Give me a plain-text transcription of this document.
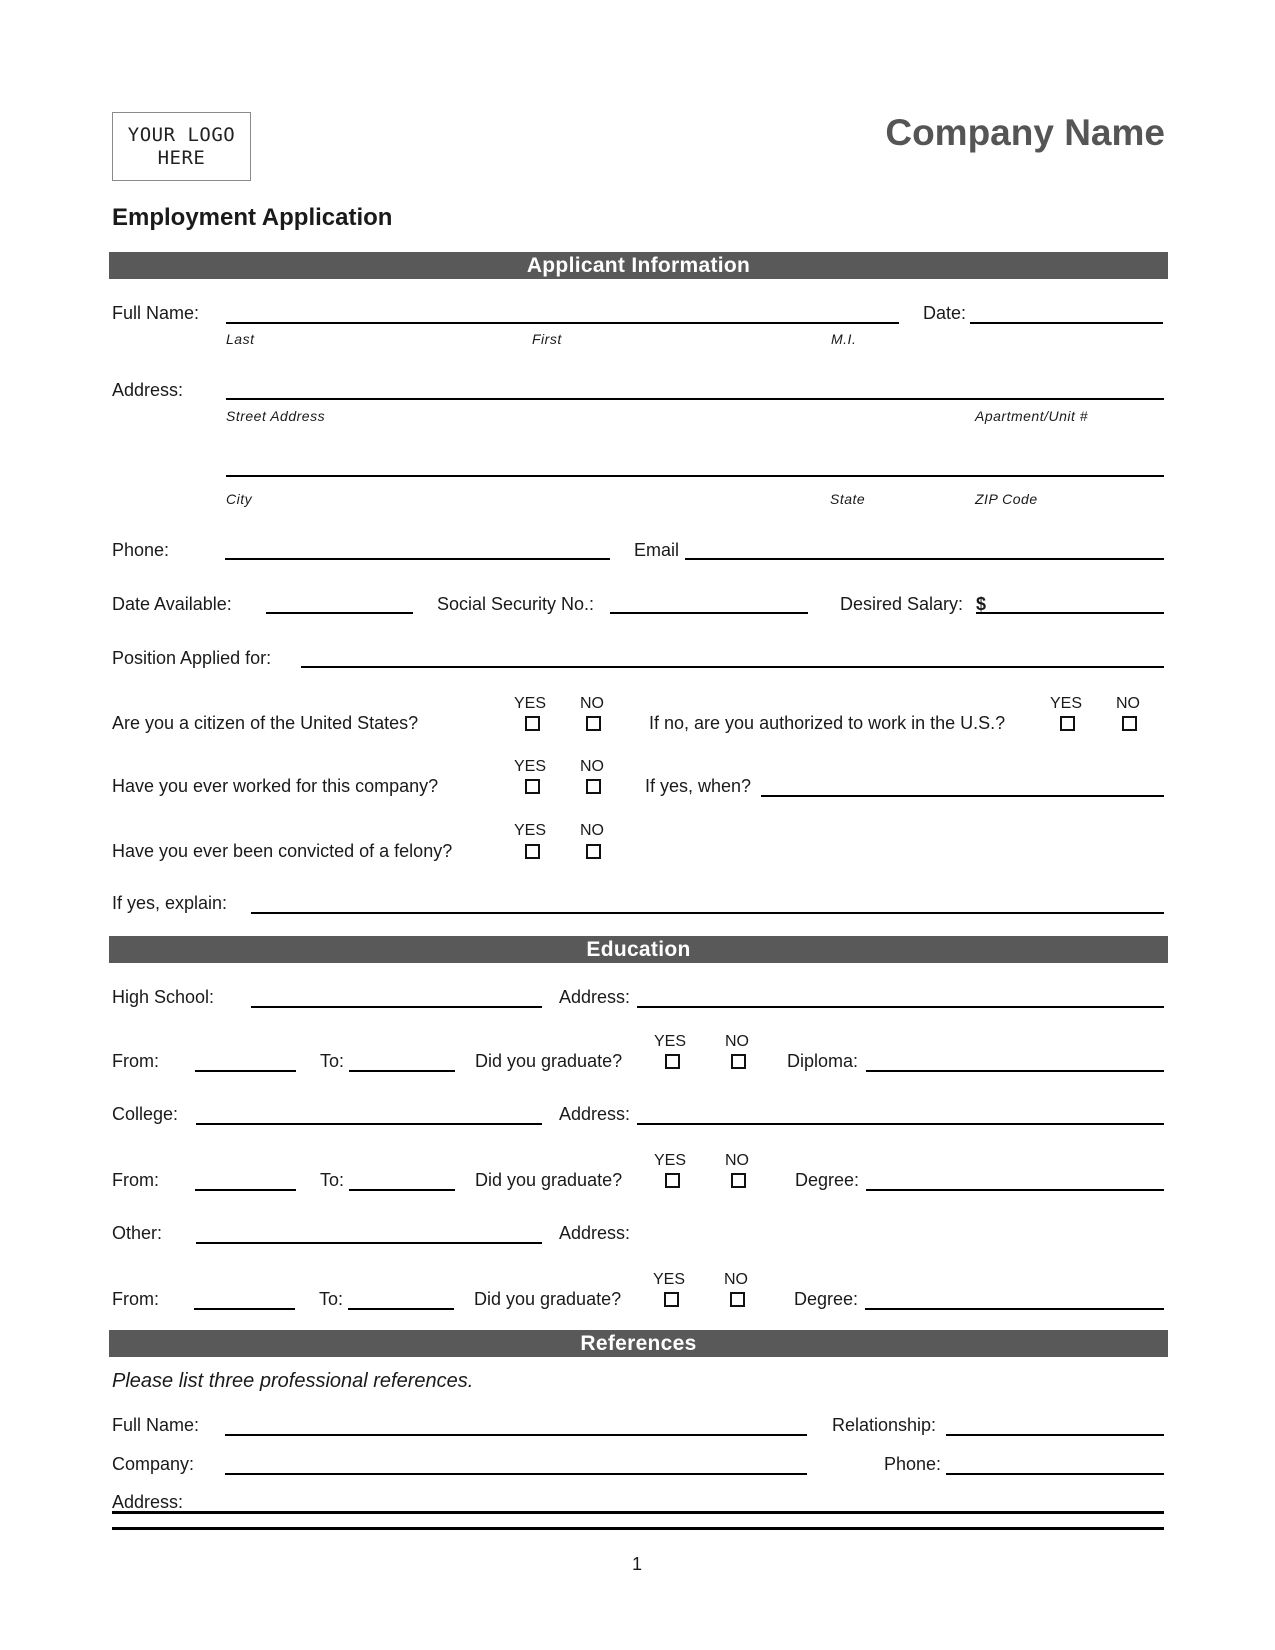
YOUR LOGO
HERE
Company Name
Employment Application
Applicant Information
Full Name:	Date:
Last	First	M.I.
Address:
Street Address	Apartment/Unit #
City	State	ZIP Code
Phone:	Email
Date Available:	Social Security No.:	Desired Salary: $
Position Applied for:
YES NO
Are you a citizen of the United States?
YES NO
If no, are you authorized to work in the U.S.?
YES NO
Have you ever worked for this company?	If yes, when?
YES NO
Have you ever been convicted of a felony?
If yes, explain:
Education
High School:	Address:
YES NO
From:	To:	Did you graduate?	Diploma:
College:	Address:
YES NO
From:	To:	Did you graduate?	Degree:
Other:	Address:
YES NO
From:	To:	Did you graduate?	Degree:
References
Please list three professional references.
Full Name:	Relationship:
Company:	Phone:
Address:
1
